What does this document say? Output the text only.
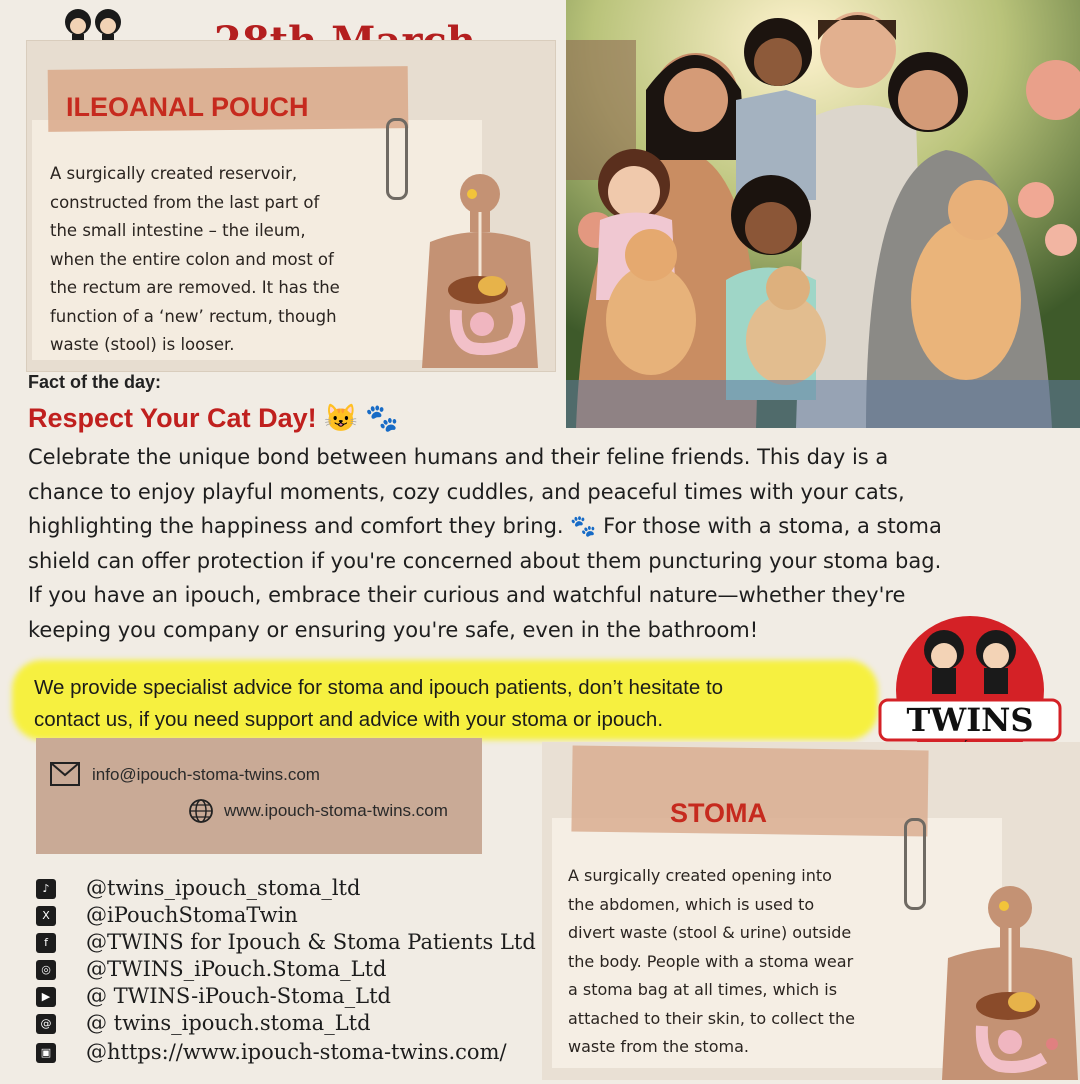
ILEOANAL POUCH
A surgically created reservoir,
constructed from the last part of
the small intestine – the ileum,
when the entire colon and most of
the rectum are removed. It has the
function of a ‘new’ rectum, though
waste (stool) is looser.
Fact of the day:
Respect Your Cat Day! 😺 🐾
Celebrate the unique bond between humans and their feline friends. This day is a
chance to enjoy playful moments, cozy cuddles, and peaceful times with your cats,
highlighting the happiness and comfort they bring. 🐾 For those with a stoma, a stoma
shield can offer protection if you're concerned about them puncturing your stoma bag.
If you have an ipouch, embrace their curious and watchful nature—whether they're
keeping you company or ensuring you're safe, even in the bathroom!
We provide specialist advice for stoma and ipouch patients, don’t hesitate to
contact us, if you need support and advice with your stoma or ipouch.	TWINS
info@ipouch-stoma-twins.com
www.ipouch-stoma-twins.com
♪	@twins_ipouch_stoma_ltd
X @iPouchStomaTwin
f	@TWINS for Ipouch & Stoma Patients Ltd
◎ @TWINS_iPouch.Stoma_Ltd
▶ @ TWINS-iPouch-Stoma_Ltd
@ @ twins_ipouch.stoma_Ltd
▣ @https://www.ipouch-stoma-twins.com/
STOMA
A surgically created opening into
the abdomen, which is used to
divert waste (stool & urine) outside
the body. People with a stoma wear
a stoma bag at all times, which is
attached to their skin, to collect the
waste from the stoma.
